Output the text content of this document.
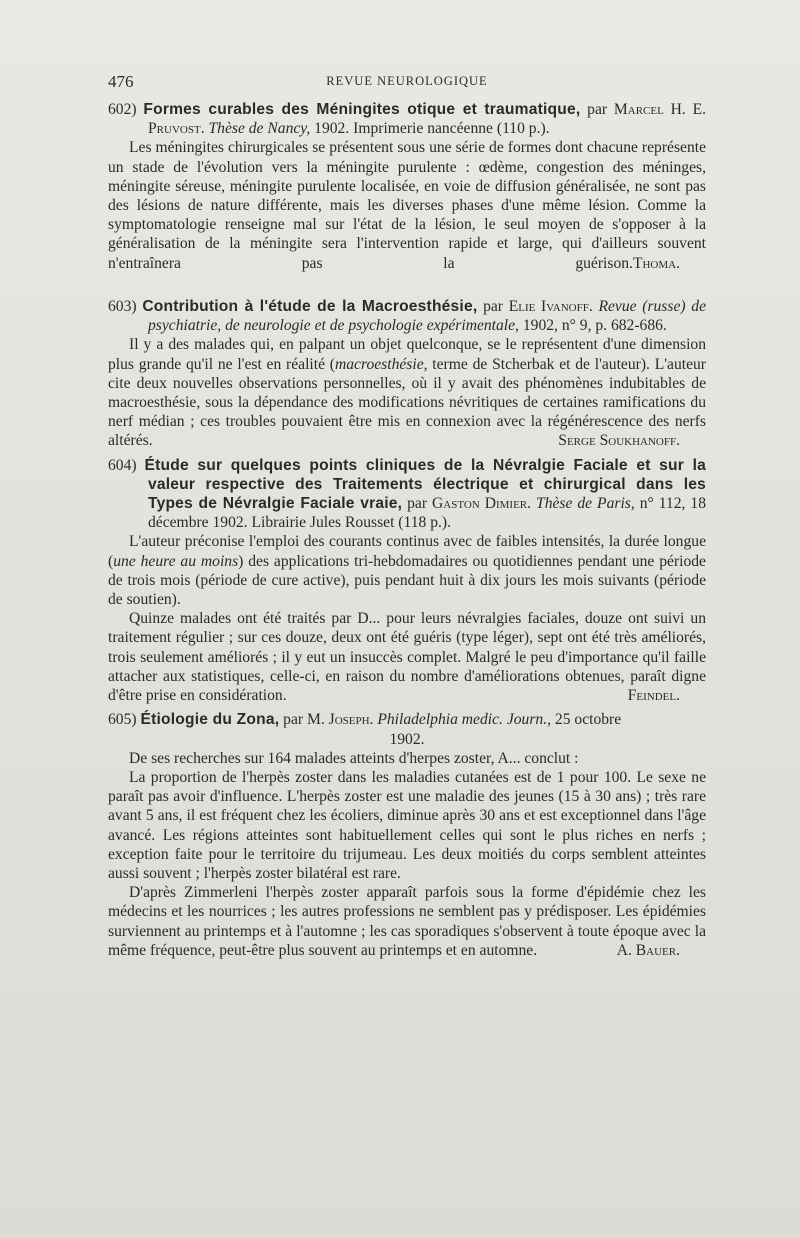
476	REVUE NEUROLOGIQUE

602) Formes curables des Méningites otique et traumatique, par Marcel H. E. Pruvost. Thèse de Nancy, 1902. Imprimerie nancéenne (110 p.).

Les méningites chirurgicales se présentent sous une série de formes dont chacune représente un stade de l'évolution vers la méningite purulente : œdème, congestion des méninges, méningite séreuse, méningite purulente localisée, en voie de diffusion généralisée, ne sont pas des lésions de nature différente, mais les diverses phases d'une même lésion. Comme la symptomatologie renseigne mal sur l'état de la lésion, le seul moyen de s'opposer à la généralisation de la méningite sera l'intervention rapide et large, qui d'ailleurs souvent n'entraînera pas la guérison. Thoma.

603) Contribution à l'étude de la Macroesthésie, par Elie Ivanoff. Revue (russe) de psychiatrie, de neurologie et de psychologie expérimentale, 1902, n° 9, p. 682-686.

Il y a des malades qui, en palpant un objet quelconque, se le représentent d'une dimension plus grande qu'il ne l'est en réalité (macroesthésie, terme de Stcherbak et de l'auteur). L'auteur cite deux nouvelles observations personnelles, où il y avait des phénomènes indubitables de macroesthésie, sous la dépendance des modifications névritiques de certaines ramifications du nerf médian ; ces troubles pouvaient être mis en connexion avec la régénérescence des nerfs altérés.	Serge Soukhanoff.

604) Étude sur quelques points cliniques de la Névralgie Faciale et sur la valeur respective des Traitements électrique et chirurgical dans les Types de Névralgie Faciale vraie, par Gaston Dimier. Thèse de Paris, n° 112, 18 décembre 1902. Librairie Jules Rousset (118 p.).

L'auteur préconise l'emploi des courants continus avec de faibles intensités, la durée longue (une heure au moins) des applications tri-hebdomadaires ou quotidiennes pendant une période de trois mois (période de cure active), puis pendant huit à dix jours les mois suivants (période de soutien).

Quinze malades ont été traités par D... pour leurs névralgies faciales, douze ont suivi un traitement régulier ; sur ces douze, deux ont été guéris (type léger), sept ont été très améliorés, trois seulement améliorés ; il y eut un insuccès complet. Malgré le peu d'importance qu'il faille attacher aux statistiques, celle-ci, en raison du nombre d'améliorations obtenues, paraît digne d'être prise en considération.	Feindel.

605) Étiologie du Zona, par M. Joseph. Philadelphia medic. Journ., 25 octobre

1902.

De ses recherches sur 164 malades atteints d'herpes zoster, A... conclut :

La proportion de l'herpès zoster dans les maladies cutanées est de 1 pour 100. Le sexe ne paraît pas avoir d'influence. L'herpès zoster est une maladie des jeunes (15 à 30 ans) ; très rare avant 5 ans, il est fréquent chez les écoliers, diminue après 30 ans et est exceptionnel dans l'âge avancé. Les régions atteintes sont habituellement celles qui sont le plus riches en nerfs ; exception faite pour le territoire du trijumeau. Les deux moitiés du corps semblent atteintes aussi souvent ; l'herpès zoster bilatéral est rare.

D'après Zimmerleni l'herpès zoster apparaît parfois sous la forme d'épidémie chez les médecins et les nourrices ; les autres professions ne semblent pas y prédisposer. Les épidémies surviennent au printemps et à l'automne ; les cas sporadiques s'observent à toute époque avec la même fréquence, peut-être plus souvent au printemps et en automne.	A. Bauer.
